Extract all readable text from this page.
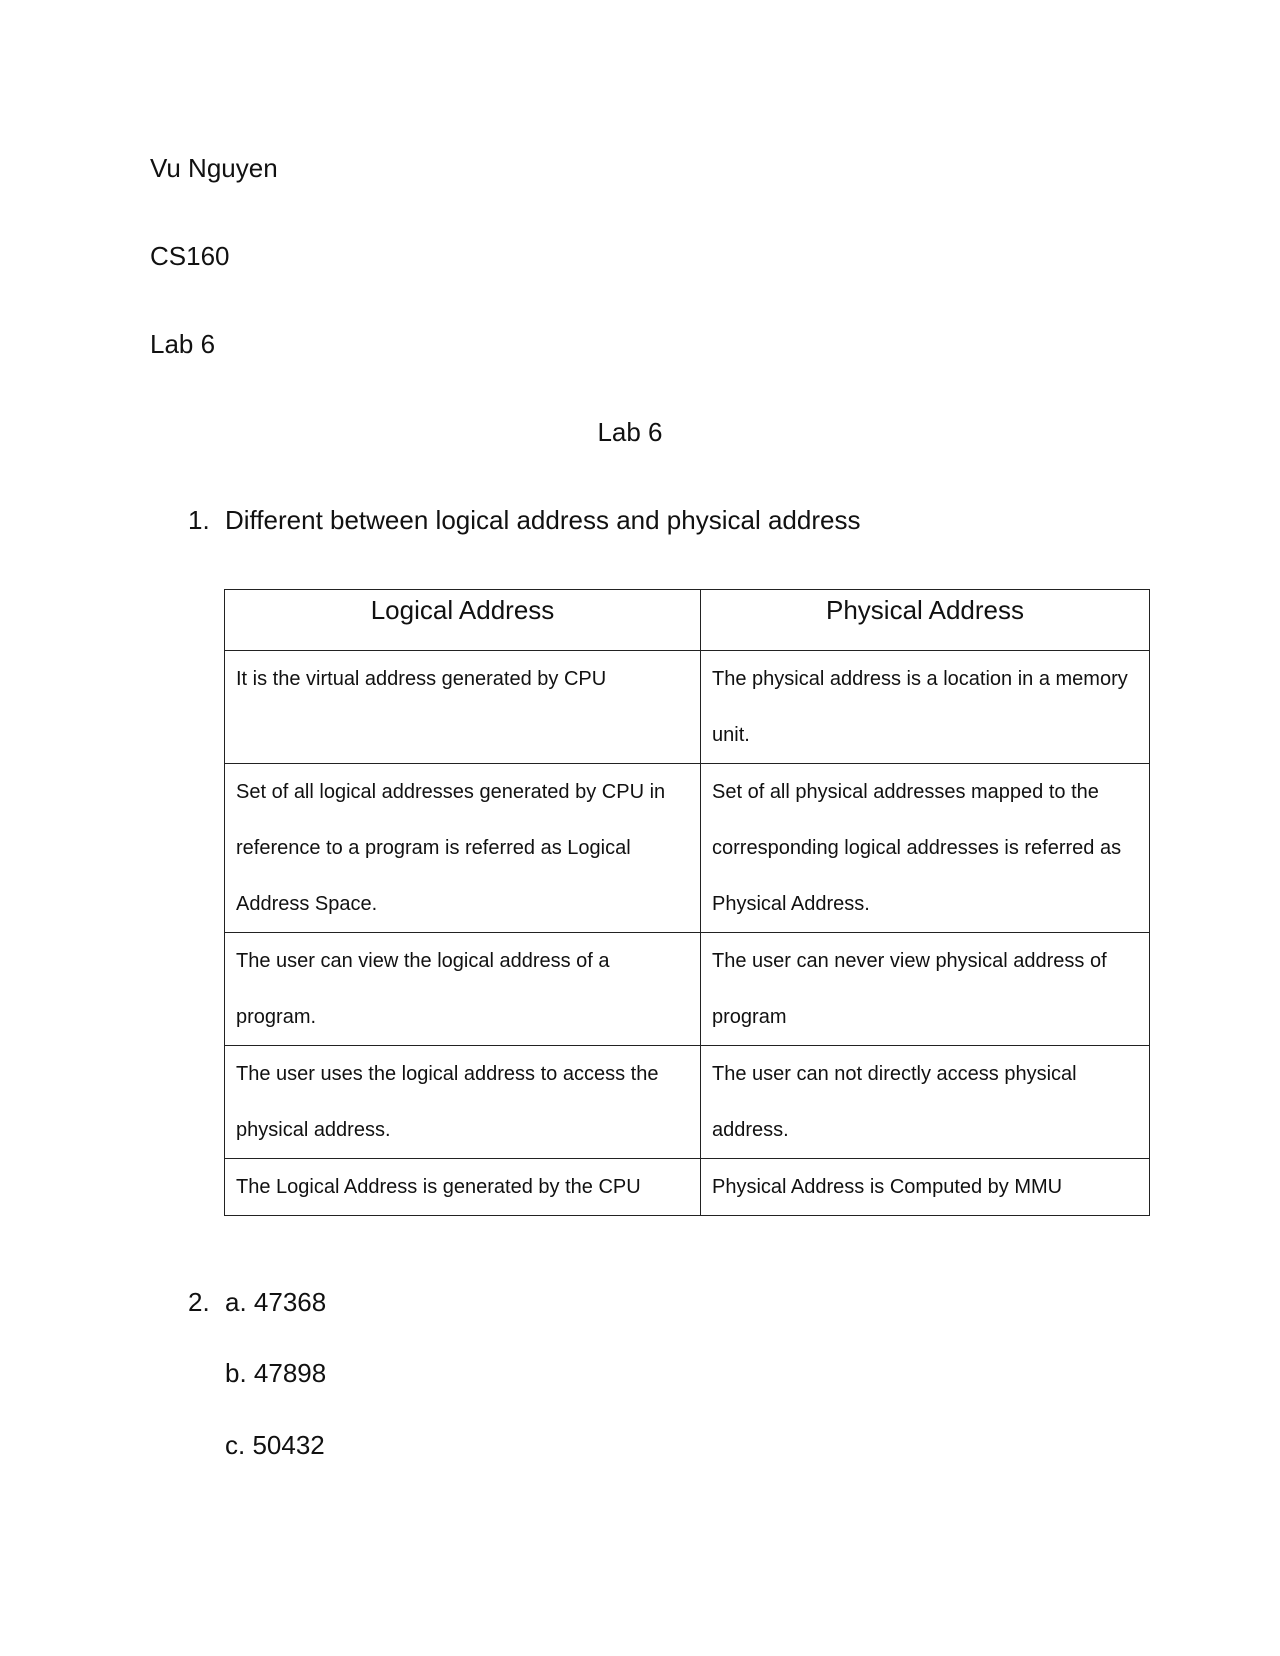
Vu Nguyen
CS160
Lab 6
Lab 6
1. Different between logical address and physical address
Logical Address	Physical Address
It is the virtual address generated by CPU	The physical address is a location in a memory unit.
Set of all logical addresses generated by CPU in reference to a program is referred as Logical Address Space.	Set of all physical addresses mapped to the corresponding logical addresses is referred as Physical Address.
The user can view the logical address of a program.	The user can never view physical address of program
The user uses the logical address to access the physical address.	The user can not directly access physical address.
The Logical Address is generated by the CPU	Physical Address is Computed by MMU
2. a. 47368
b. 47898
c. 50432
